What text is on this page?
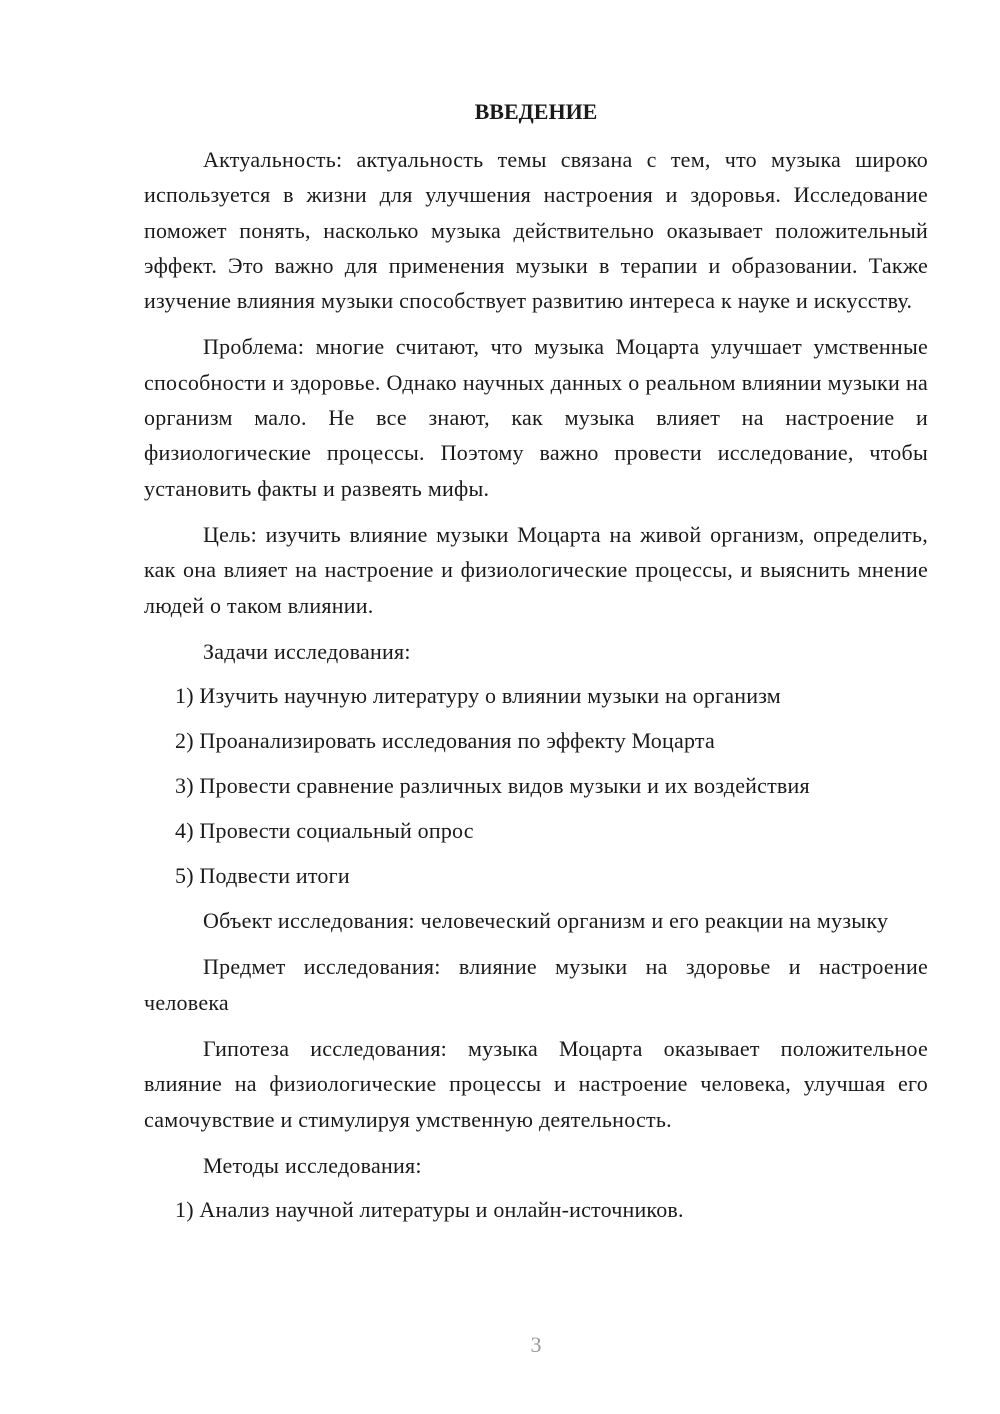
ВВЕДЕНИЕ

Актуальность: актуальность темы связана с тем, что музыка широко используется в жизни для улучшения настроения и здоровья. Исследование поможет понять, насколько музыка действительно оказывает положительный эффект. Это важно для применения музыки в терапии и образовании. Также изучение влияния музыки способствует развитию интереса к науке и искусству.

Проблема: многие считают, что музыка Моцарта улучшает умственные способности и здоровье. Однако научных данных о реальном влиянии музыки на организм мало. Не все знают, как музыка влияет на настроение и физиологические процессы. Поэтому важно провести исследование, чтобы установить факты и развеять мифы.

Цель: изучить влияние музыки Моцарта на живой организм, определить, как она влияет на настроение и физиологические процессы, и выяснить мнение людей о таком влиянии.

Задачи исследования:

1) Изучить научную литературу о влиянии музыки на организм

2) Проанализировать исследования по эффекту Моцарта

3) Провести сравнение различных видов музыки и их воздействия

4) Провести социальный опрос

5) Подвести итоги

Объект исследования: человеческий организм и его реакции на музыку

Предмет исследования: влияние музыки на здоровье и настроение человека

Гипотеза исследования: музыка Моцарта оказывает положительное влияние на физиологические процессы и настроение человека, улучшая его самочувствие и стимулируя умственную деятельность.

Методы исследования:

1) Анализ научной литературы и онлайн-источников.

3
